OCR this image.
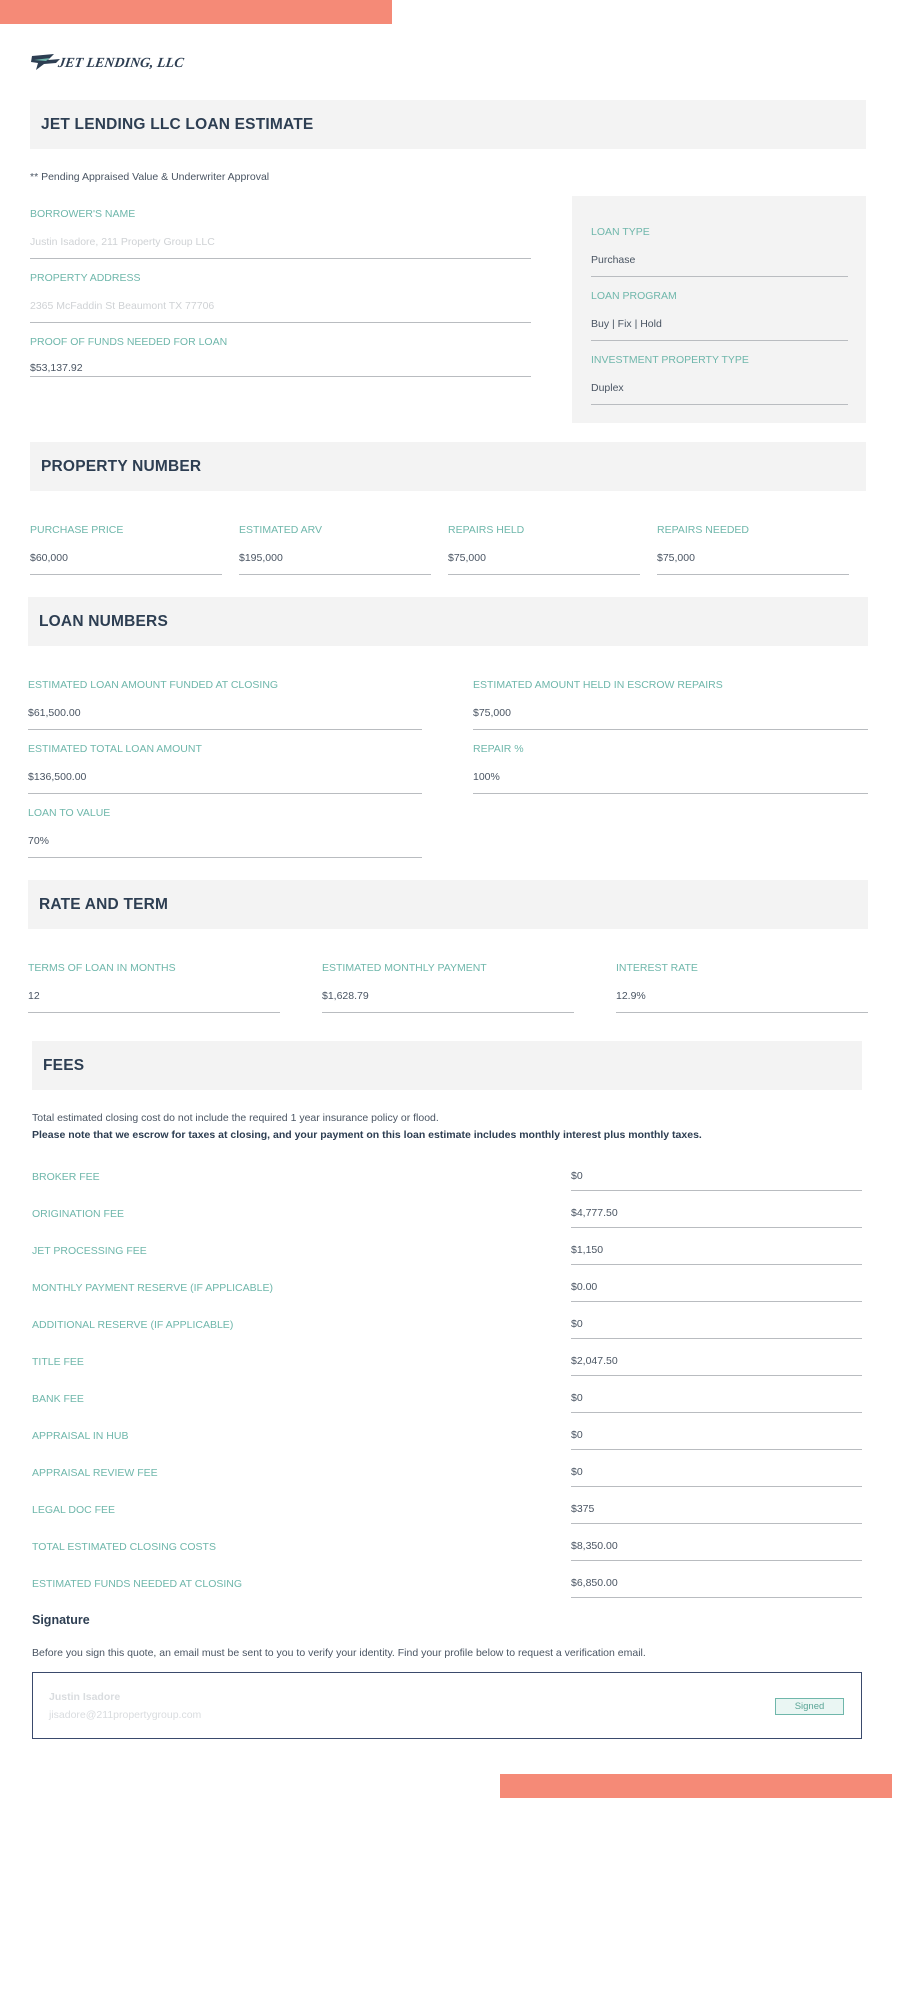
JET LENDING, LLC
JET LENDING LLC LOAN ESTIMATE
** Pending Appraised Value & Underwriter Approval
BORROWER'S NAME
Justin Isadore, 211 Property Group LLC
PROPERTY ADDRESS
2365 McFaddin St Beaumont TX 77706
PROOF OF FUNDS NEEDED FOR LOAN
$53,137.92
LOAN TYPE
Purchase
LOAN PROGRAM
Buy | Fix | Hold
INVESTMENT PROPERTY TYPE
Duplex
PROPERTY NUMBER
PURCHASE PRICE
$60,000
ESTIMATED ARV
$195,000
REPAIRS HELD
$75,000
REPAIRS NEEDED
$75,000
LOAN NUMBERS
ESTIMATED LOAN AMOUNT FUNDED AT CLOSING
$61,500.00
ESTIMATED AMOUNT HELD IN ESCROW REPAIRS
$75,000
ESTIMATED TOTAL LOAN AMOUNT
$136,500.00
REPAIR %
100%
LOAN TO VALUE
70%
RATE AND TERM
TERMS OF LOAN IN MONTHS
12
ESTIMATED MONTHLY PAYMENT
$1,628.79
INTEREST RATE
12.9%
FEES
Total estimated closing cost do not include the required 1 year insurance policy or flood.
Please note that we escrow for taxes at closing, and your payment on this loan estimate includes monthly interest plus monthly taxes.
BROKER FEE	$0
ORIGINATION FEE	$4,777.50
JET PROCESSING FEE	$1,150
MONTHLY PAYMENT RESERVE (IF APPLICABLE)	$0.00
ADDITIONAL RESERVE (IF APPLICABLE)	$0
TITLE FEE	$2,047.50
BANK FEE	$0
APPRAISAL IN HUB	$0
APPRAISAL REVIEW FEE	$0
LEGAL DOC FEE	$375
TOTAL ESTIMATED CLOSING COSTS	$8,350.00
ESTIMATED FUNDS NEEDED AT CLOSING	$6,850.00
Signature
Before you sign this quote, an email must be sent to you to verify your identity. Find your profile below to request a verification email.
Justin Isadore
jisadore@211propertygroup.com
Signed
